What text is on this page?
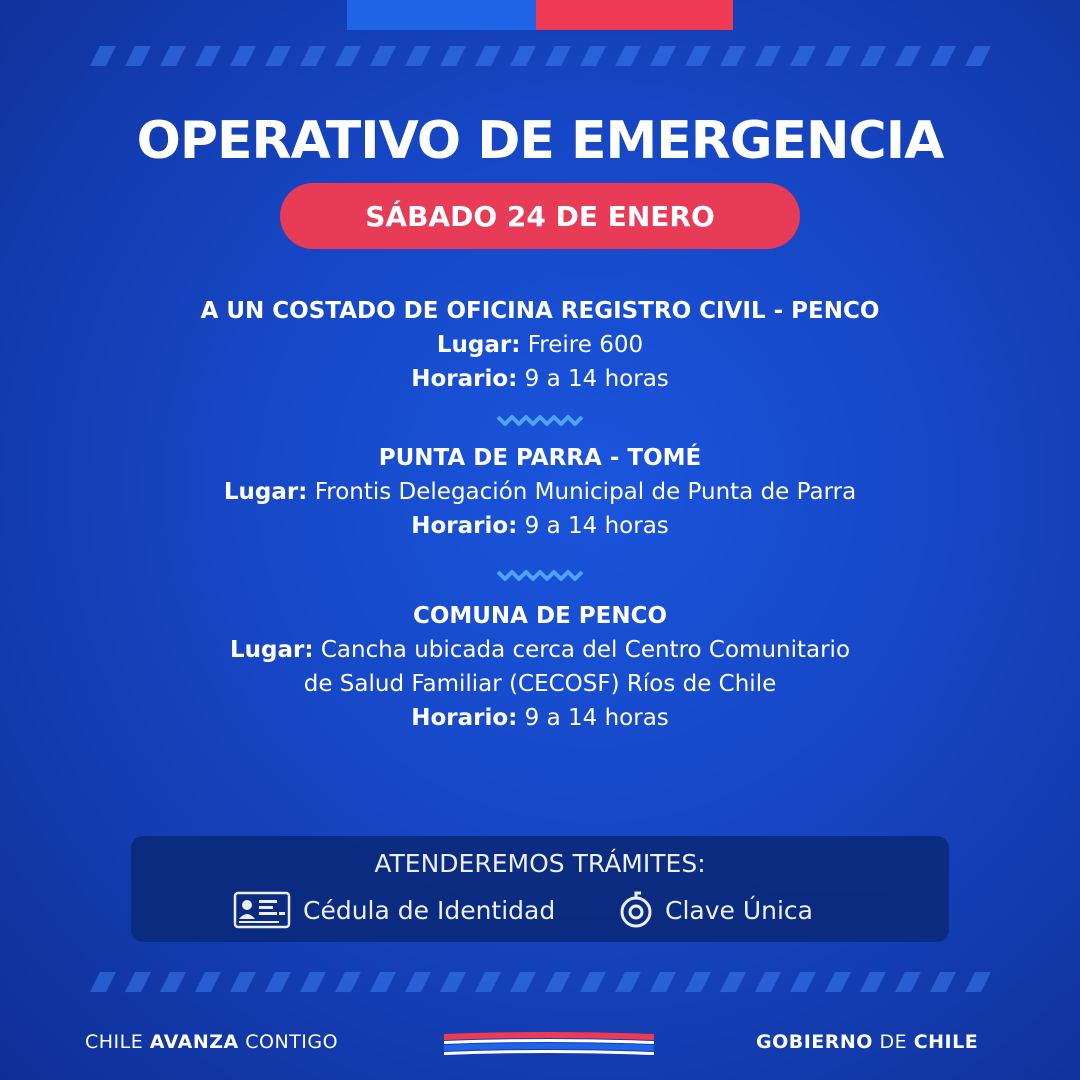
OPERATIVO DE EMERGENCIA
SÁBADO 24 DE ENERO
A UN COSTADO DE OFICINA REGISTRO CIVIL - PENCO
Lugar: Freire 600
Horario: 9 a 14 horas
PUNTA DE PARRA - TOMÉ
Lugar: Frontis Delegación Municipal de Punta de Parra
Horario: 9 a 14 horas
COMUNA DE PENCO
Lugar: Cancha ubicada cerca del Centro Comunitario
de Salud Familiar (CECOSF) Ríos de Chile
Horario: 9 a 14 horas
ATENDEREMOS TRÁMITES:
Cédula de Identidad	Clave Única
CHILE AVANZA CONTIGO	GOBIERNO DE CHILE
